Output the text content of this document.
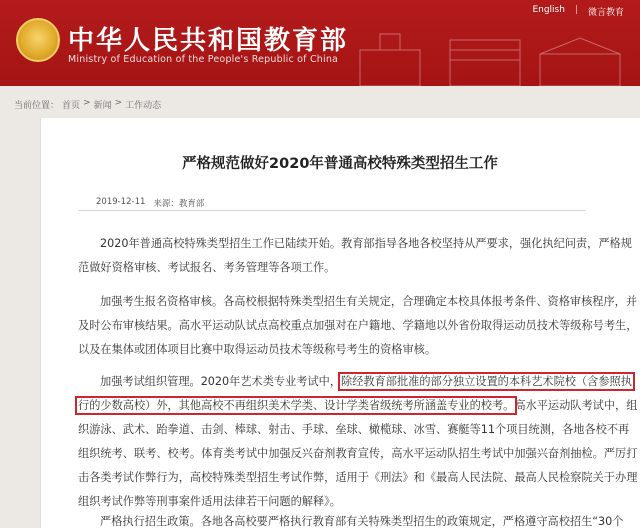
中华人民共和国教育部
Ministry of Education of the People's Republic of China
English | 微言教育
当前位置： 首页 > 新闻 > 工作动态
严格规范做好2020年普通高校特殊类型招生工作
2019-12-11 来源：教育部
2020年普通高校特殊类型招生工作已陆续开始。教育部指导各地各校坚持从严要求，强化执纪问责，严格规
范做好资格审核、考试报名、考务管理等各项工作。
加强考生报名资格审核。各高校根据特殊类型招生有关规定，合理确定本校具体报考条件、资格审核程序，并
及时公布审核结果。高水平运动队试点高校重点加强对在户籍地、学籍地以外省份取得运动员技术等级称号考生，
以及在集体或团体项目比赛中取得运动员技术等级称号考生的资格审核。
加强考试组织管理。2020年艺术类专业考试中，除经教育部批准的部分独立设置的本科艺术院校（含参照执
行的少数高校）外，其他高校不再组织美术学类、设计学类省级统考所涵盖专业的校考。高水平运动队考试中，组
织游泳、武术、跆拳道、击剑、棒球、射击、手球、垒球、橄榄球、冰雪、赛艇等11个项目统测，各地各校不再
组织统考、联考、校考。体育类考试中加强反兴奋剂教育宣传，高水平运动队招生考试中加强兴奋剂抽检。严厉打
击各类考试作弊行为，高校特殊类型招生考试作弊，适用于《刑法》和《最高人民法院、最高人民检察院关于办理
组织考试作弊等刑事案件适用法律若干问题的解释》。
严格执行招生政策。各地各高校要严格执行教育部有关特殊类型招生的政策规定，严格遵守高校招生“30个
